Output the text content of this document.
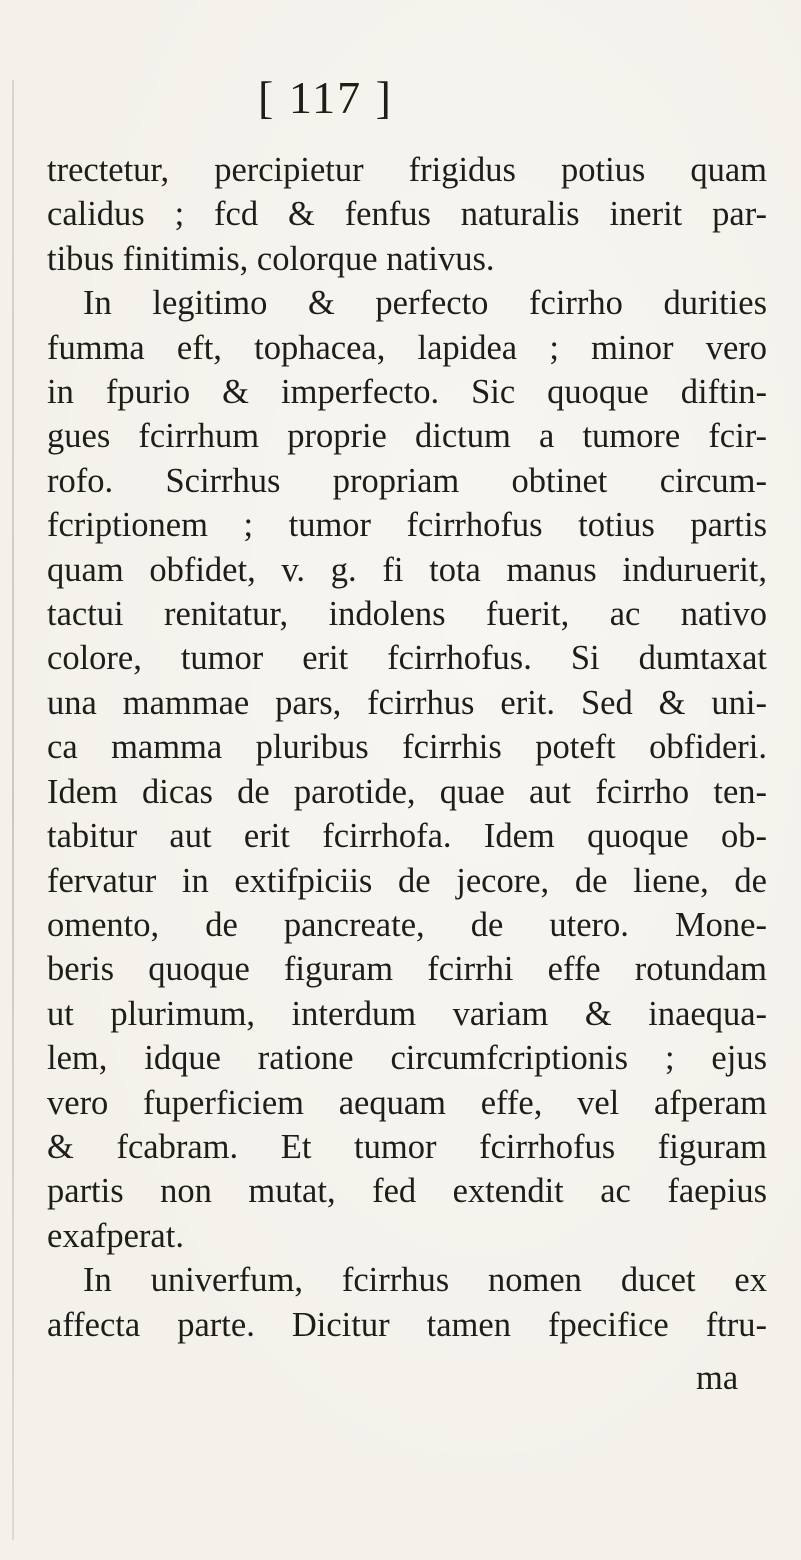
[ 117 ]
trectetur, percipietur frigidus potius quam
calidus ; fcd & fenfus naturalis inerit par-
tibus finitimis, colorque nativus.
In legitimo & perfecto fcirrho durities
fumma eft, tophacea, lapidea ; minor vero
in fpurio & imperfecto. Sic quoque diftin-
gues fcirrhum proprie dictum a tumore fcir-
rofo. Scirrhus propriam obtinet circum-
fcriptionem ; tumor fcirrhofus totius partis
quam obfidet, v. g. fi tota manus induruerit,
tactui renitatur, indolens fuerit, ac nativo
colore, tumor erit fcirrhofus. Si dumtaxat
una mammae pars, fcirrhus erit. Sed & uni-
ca mamma pluribus fcirrhis poteft obfideri.
Idem dicas de parotide, quae aut fcirrho ten-
tabitur aut erit fcirrhofa. Idem quoque ob-
fervatur in extifpiciis de jecore, de liene, de
omento, de pancreate, de utero. Mone-
beris quoque figuram fcirrhi effe rotundam
ut plurimum, interdum variam & inaequa-
lem, idque ratione circumfcriptionis ; ejus
vero fuperficiem aequam effe, vel afperam
& fcabram. Et tumor fcirrhofus figuram
partis non mutat, fed extendit ac faepius
exafperat.
In univerfum, fcirrhus nomen ducet ex
affecta parte. Dicitur tamen fpecifice ftru-
ma
